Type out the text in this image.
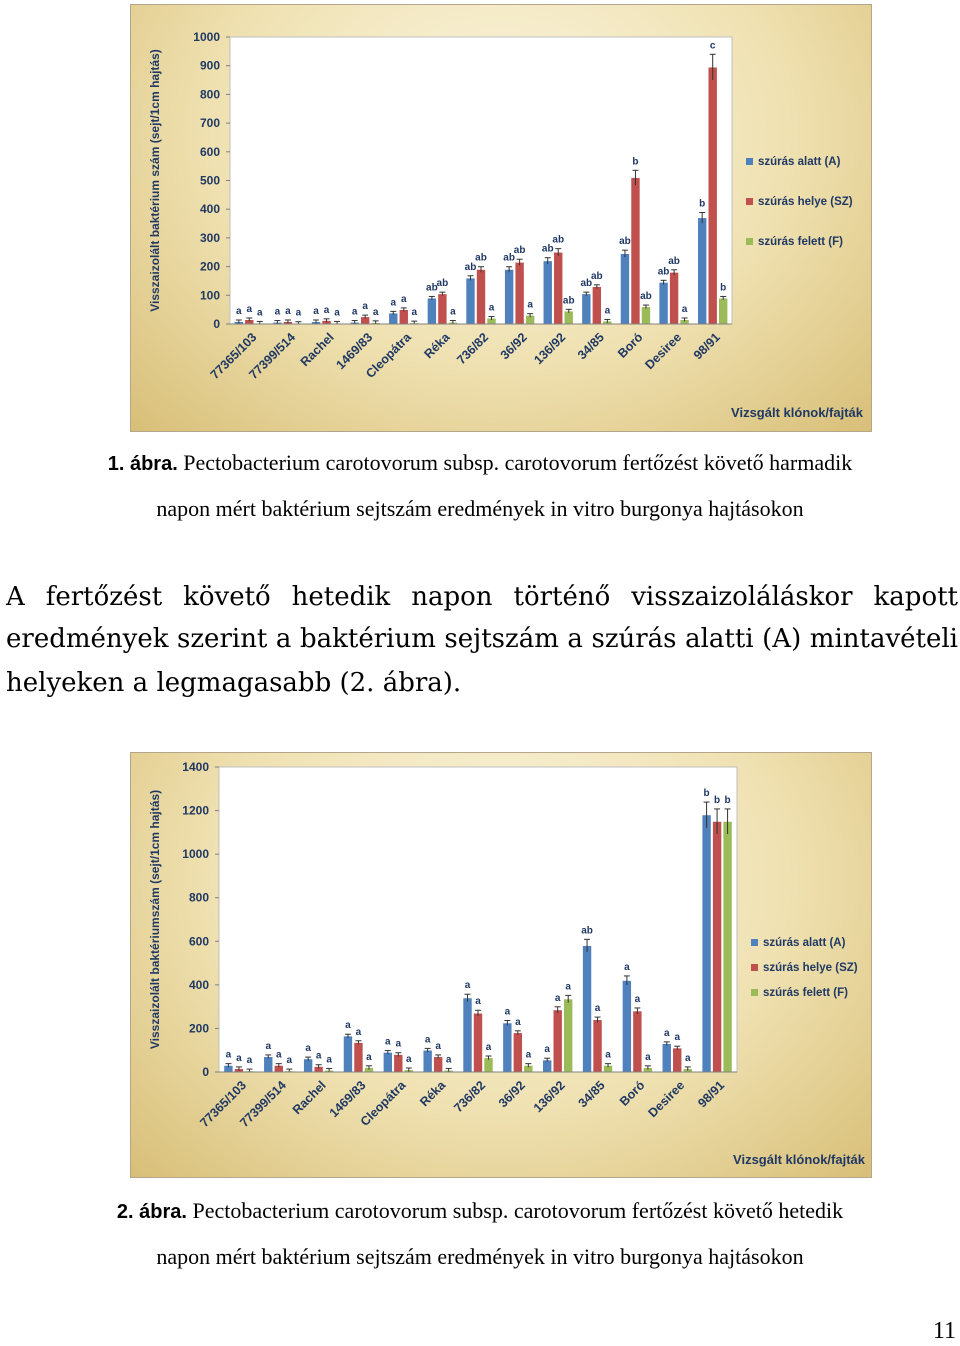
0
100
200
300
400
500
600
700
800
900
1000
Visszaizolált baktérium szám (sejt/1cm hajtás)	a a a
77365/103
a a a
77399/514
a a a
Rachel
a a
a
1469/83
a a
a
Cleopátra
ab
ab
a
Réka
ab
ab
a
736/82
ab
ab
a
36/92
ab
ab
ab
136/92
ab
ab
a
34/85
ab
b
ab
Boró
ab
ab
a
Desiree
b
c
b
98/91
szúrás alatt (A)
szúrás helye (SZ)
szúrás felett (F)
Vizsgált klónok/fajták
1. ábra. Pectobacterium carotovorum subsp. carotovorum fertőzést követő harmadik
napon mért baktérium sejtszám eredmények in vitro burgonya hajtásokon
A fertőzést követő hetedik napon történő visszaizoláláskor kapott
eredmények szerint a baktérium sejtszám a szúrás alatti (A) mintavételi
helyeken a legmagasabb (2. ábra).
0
200
400
600
800
1000
1200
1400
Visszaizolált baktériumszám (sejt/1cm hajtás)
a a a
77365/103
a
a a
77399/514
a
a a
Rachel
a
a
a
1469/83
a a
a
Cleopátra
a
a
a
Réka
a
a
a
736/82
a
a
a
36/92
a
a
a
136/92
ab
a
a
34/85
a
a
a
Boró
a a
a
Desiree
b
b b
98/91
szúrás alatt (A)
szúrás helye (SZ)
szúrás felett (F)
Vizsgált klónok/fajták
2. ábra. Pectobacterium carotovorum subsp. carotovorum fertőzést követő hetedik
napon mért baktérium sejtszám eredmények in vitro burgonya hajtásokon
11
